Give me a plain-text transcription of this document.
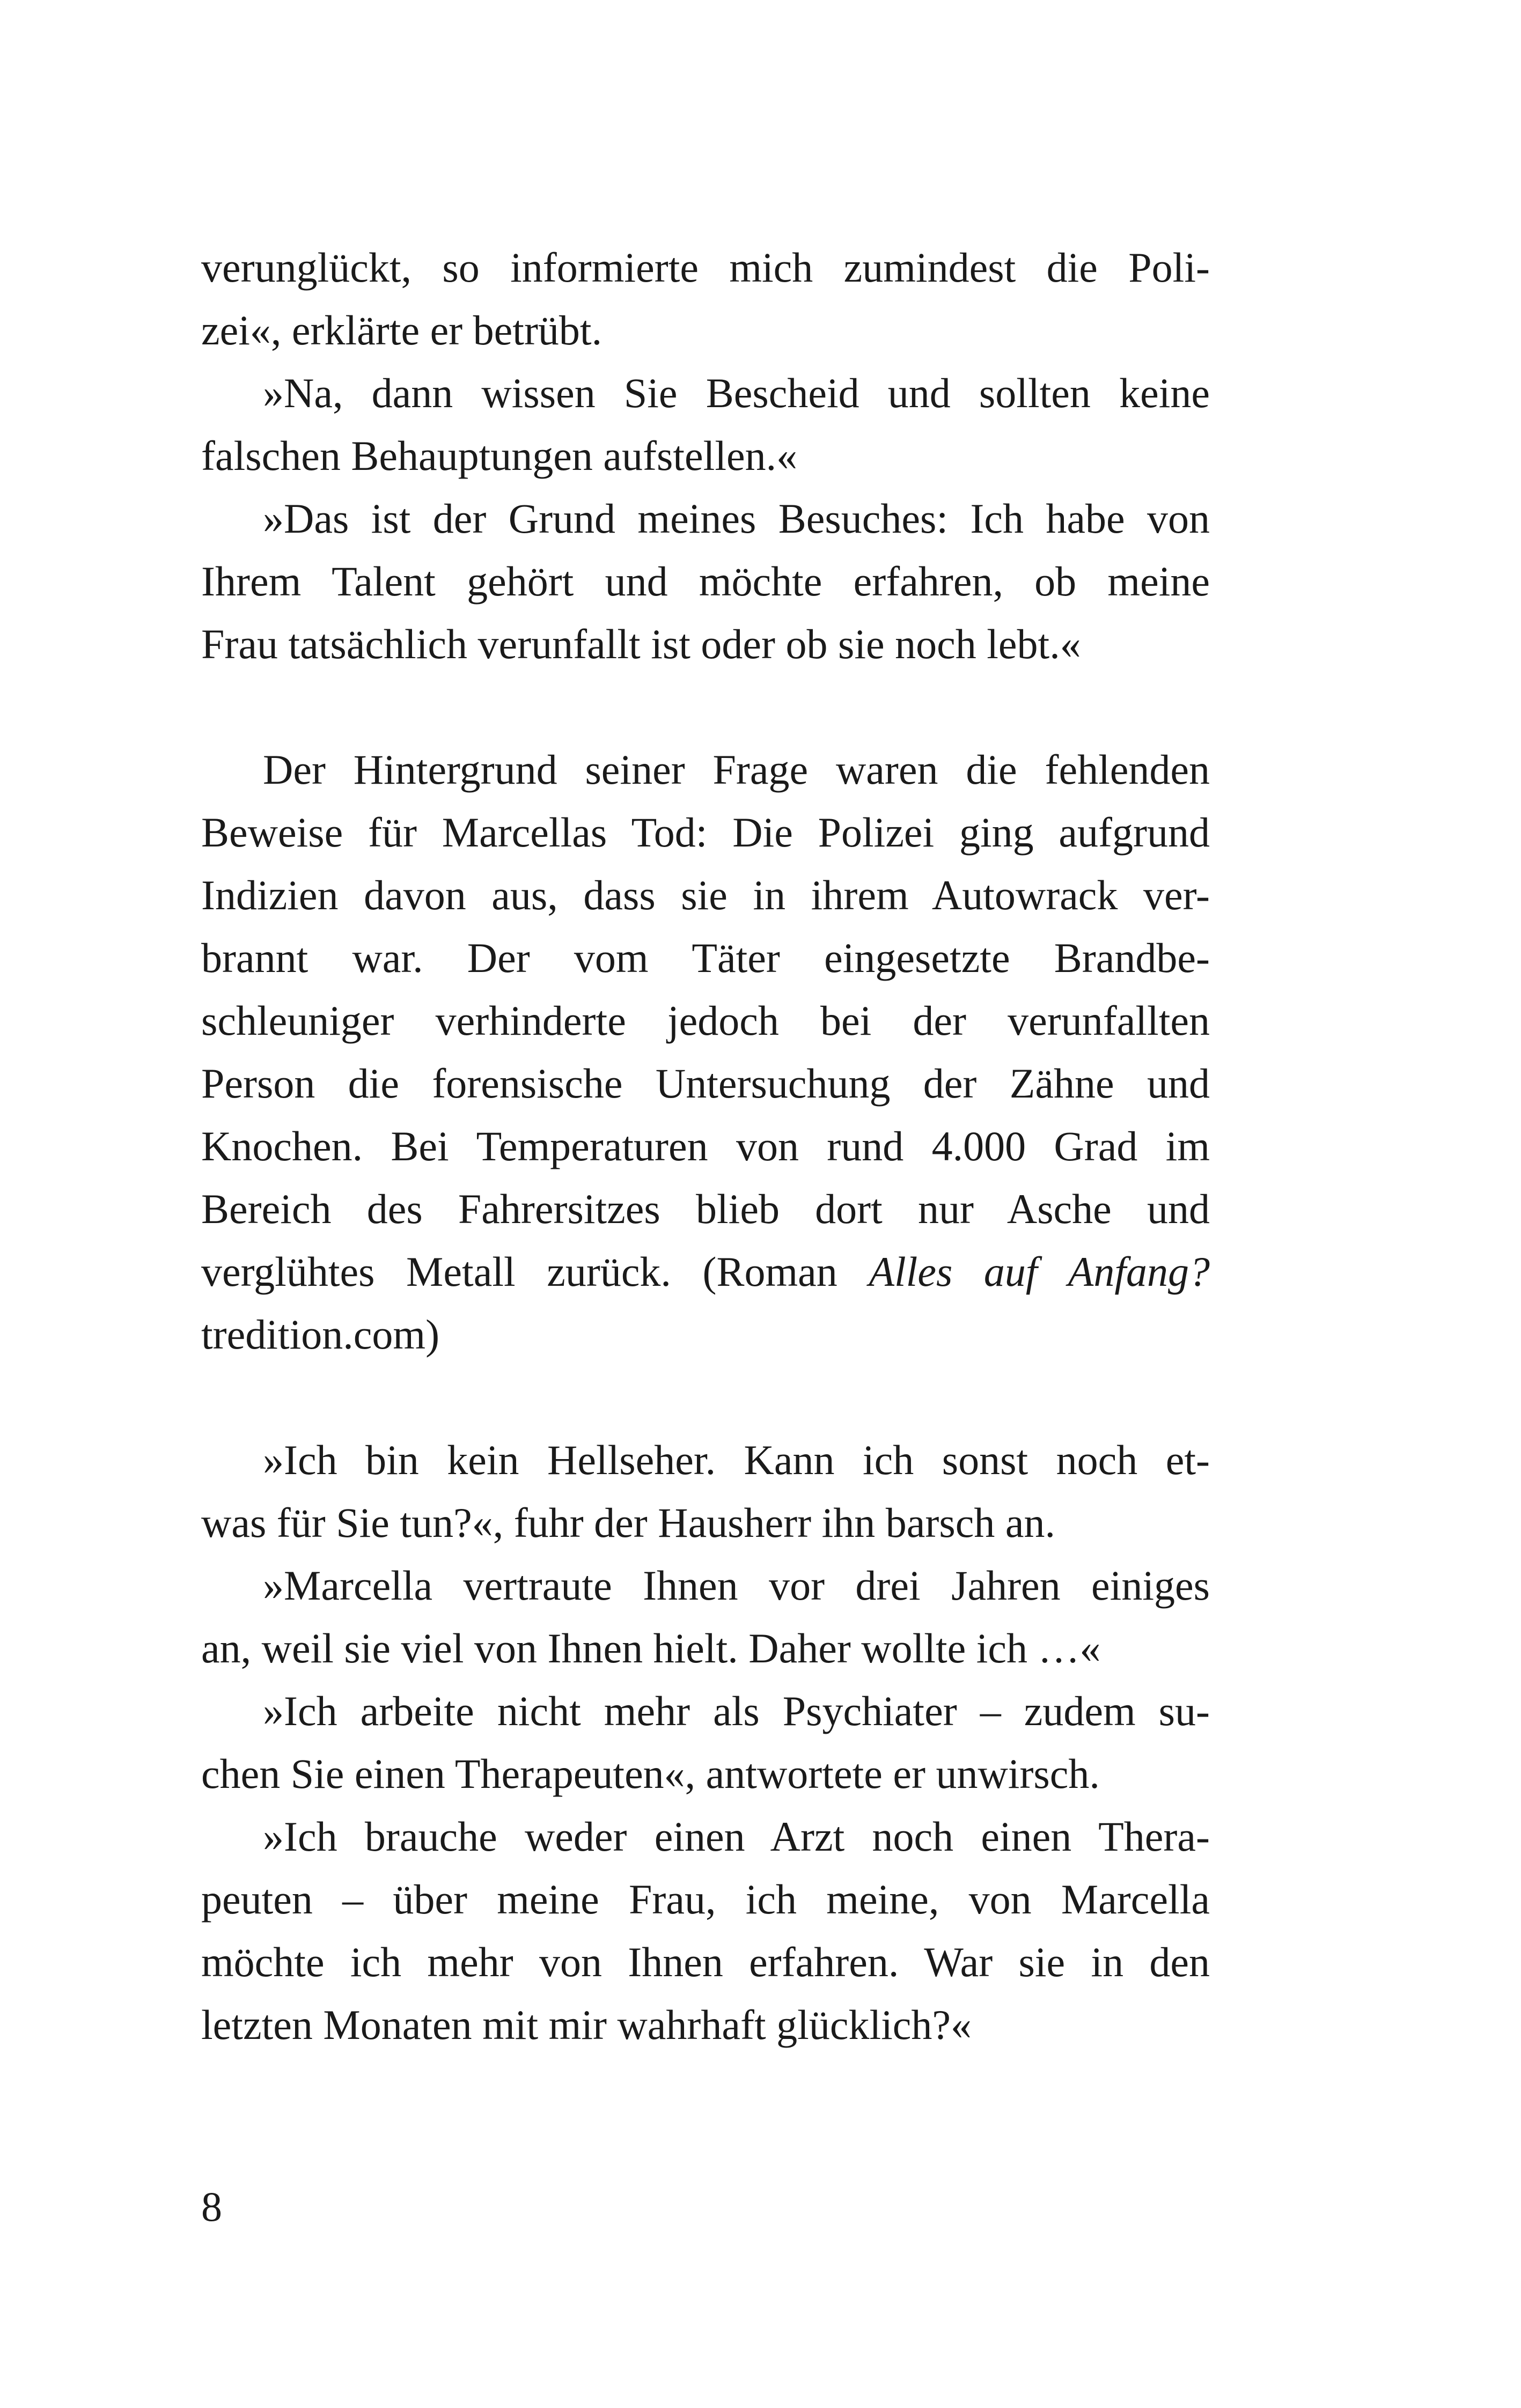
verunglückt, so informierte mich zumindest die Poli-
zei«, erklärte er betrübt.
»Na, dann wissen Sie Bescheid und sollten keine
falschen Behauptungen aufstellen.«
»Das ist der Grund meines Besuches: Ich habe von
Ihrem Talent gehört und möchte erfahren, ob meine
Frau tatsächlich verunfallt ist oder ob sie noch lebt.«
Der Hintergrund seiner Frage waren die fehlenden
Beweise für Marcellas Tod: Die Polizei ging aufgrund
Indizien davon aus, dass sie in ihrem Autowrack ver-
brannt war. Der vom Täter eingesetzte Brandbe-
schleuniger verhinderte jedoch bei der verunfallten
Person die forensische Untersuchung der Zähne und
Knochen. Bei Temperaturen von rund 4.000 Grad im
Bereich des Fahrersitzes blieb dort nur Asche und
verglühtes Metall zurück. (Roman Alles auf Anfang?
tredition.com)
»Ich bin kein Hellseher. Kann ich sonst noch et-
was für Sie tun?«, fuhr der Hausherr ihn barsch an.
»Marcella vertraute Ihnen vor drei Jahren einiges
an, weil sie viel von Ihnen hielt. Daher wollte ich …«
»Ich arbeite nicht mehr als Psychiater – zudem su-
chen Sie einen Therapeuten«, antwortete er unwirsch.
»Ich brauche weder einen Arzt noch einen Thera-
peuten – über meine Frau, ich meine, von Marcella
möchte ich mehr von Ihnen erfahren. War sie in den
letzten Monaten mit mir wahrhaft glücklich?«
8
